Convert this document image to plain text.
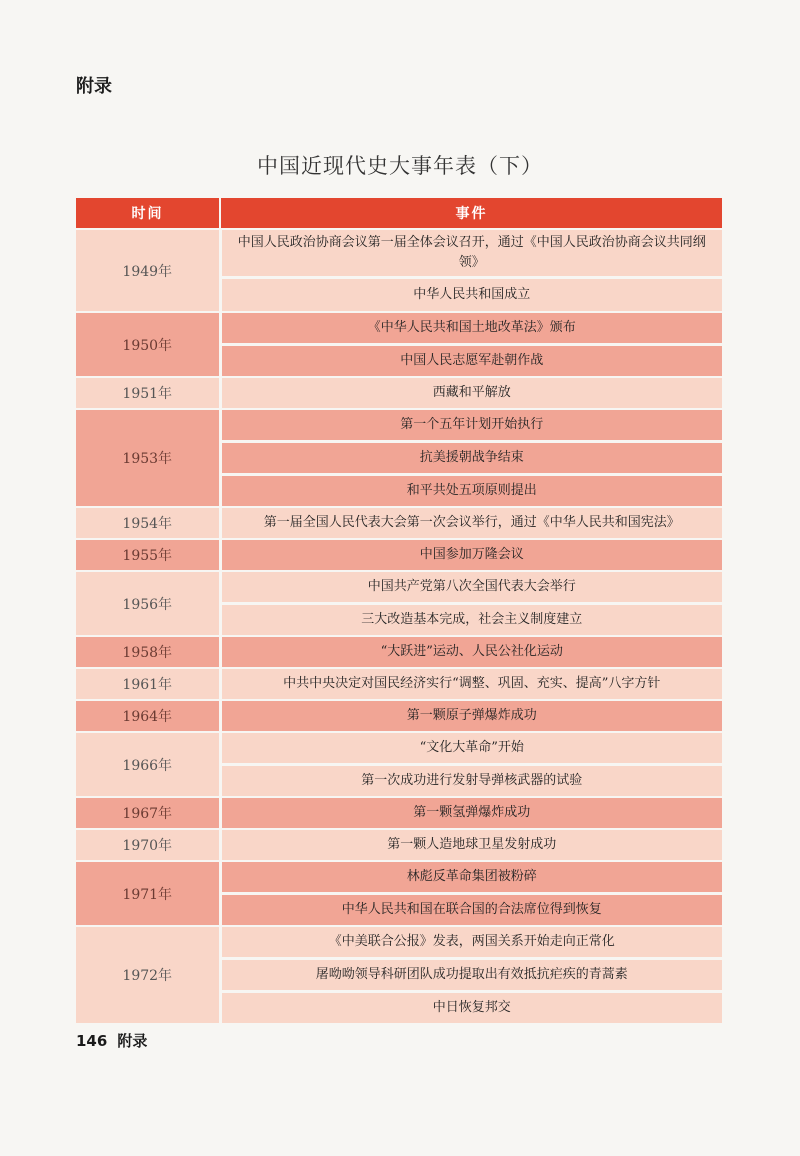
附录
中国近现代史大事年表（下）
时间	事件
1949年	中国人民政治协商会议第一届全体会议召开，通过《中国人民政治协商会议共同纲领》
	中华人民共和国成立
1950年	《中华人民共和国土地改革法》颁布
	中国人民志愿军赴朝作战
1951年	西藏和平解放
1953年	第一个五年计划开始执行
	抗美援朝战争结束
	和平共处五项原则提出
1954年	第一届全国人民代表大会第一次会议举行，通过《中华人民共和国宪法》
1955年	中国参加万隆会议
1956年	中国共产党第八次全国代表大会举行
	三大改造基本完成，社会主义制度建立
1958年	“大跃进”运动、人民公社化运动
1961年	中共中央决定对国民经济实行“调整、巩固、充实、提高”八字方针
1964年	第一颗原子弹爆炸成功
1966年	“文化大革命”开始
	第一次成功进行发射导弹核武器的试验
1967年	第一颗氢弹爆炸成功
1970年	第一颗人造地球卫星发射成功
1971年	林彪反革命集团被粉碎
	中华人民共和国在联合国的合法席位得到恢复
1972年	《中美联合公报》发表，两国关系开始走向正常化
	屠呦呦领导科研团队成功提取出有效抵抗疟疾的青蒿素
	中日恢复邦交
146 附录
